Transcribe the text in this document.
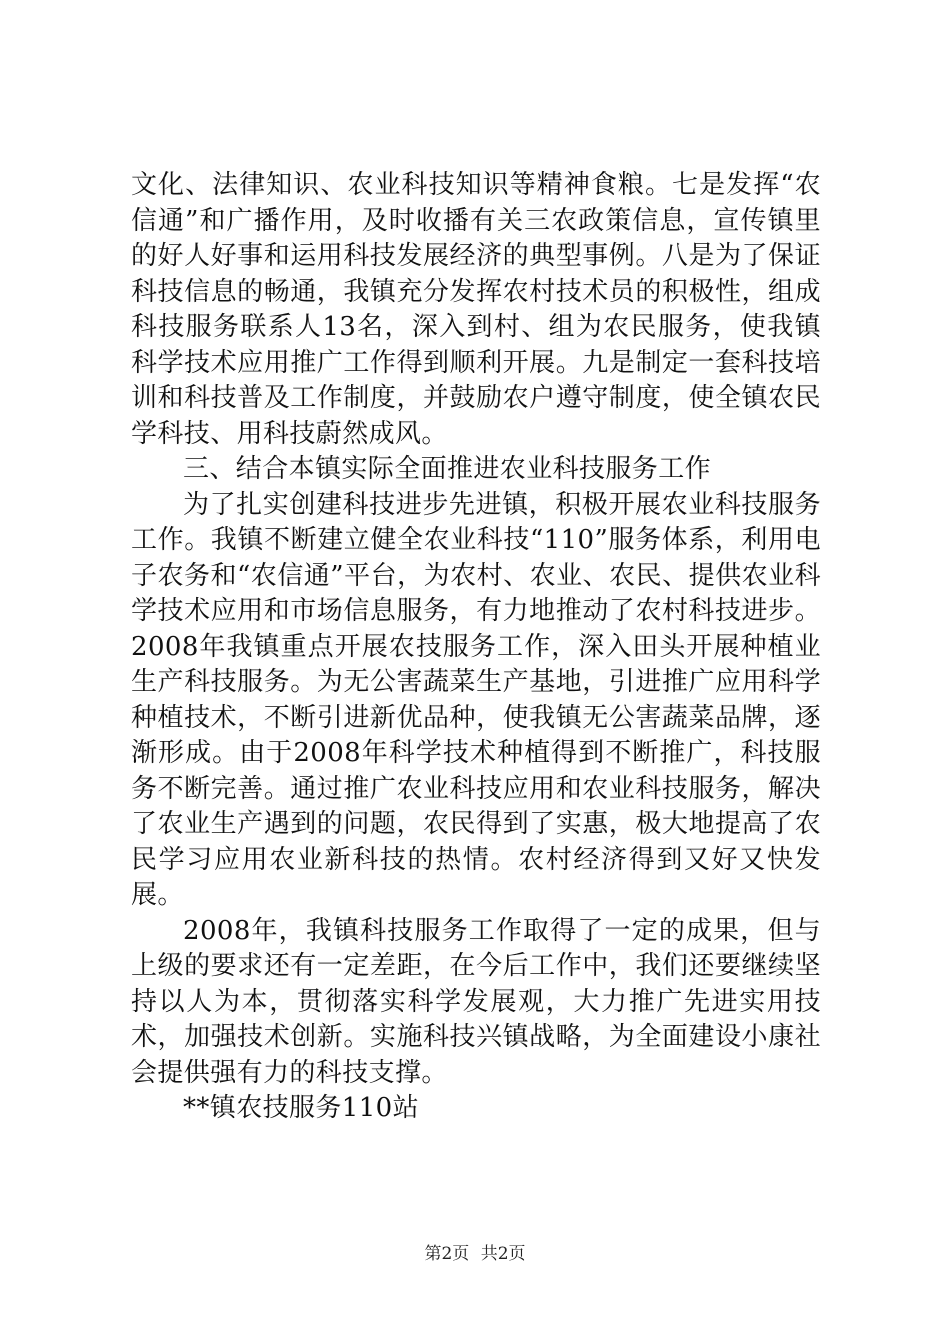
文化、法律知识、农业科技知识等精神食粮。七是发挥“农信通”和广播作用，及时收播有关三农政策信息，宣传镇里的好人好事和运用科技发展经济的典型事例。八是为了保证科技信息的畅通，我镇充分发挥农村技术员的积极性，组成科技服务联系人13名，深入到村、组为农民服务，使我镇科学技术应用推广工作得到顺利开展。九是制定一套科技培训和科技普及工作制度，并鼓励农户遵守制度，使全镇农民学科技、用科技蔚然成风。

三、结合本镇实际全面推进农业科技服务工作

为了扎实创建科技进步先进镇，积极开展农业科技服务工作。我镇不断建立健全农业科技“110”服务体系，利用电子农务和“农信通”平台，为农村、农业、农民、提供农业科学技术应用和市场信息服务，有力地推动了农村科技进步。2008年我镇重点开展农技服务工作，深入田头开展种植业生产科技服务。为无公害蔬菜生产基地，引进推广应用科学种植技术，不断引进新优品种，使我镇无公害蔬菜品牌，逐渐形成。由于2008年科学技术种植得到不断推广，科技服务不断完善。通过推广农业科技应用和农业科技服务，解决了农业生产遇到的问题，农民得到了实惠，极大地提高了农民学习应用农业新科技的热情。农村经济得到又好又快发展。

2008年，我镇科技服务工作取得了一定的成果，但与上级的要求还有一定差距，在今后工作中，我们还要继续坚持以人为本，贯彻落实科学发展观，大力推广先进实用技术，加强技术创新。实施科技兴镇战略，为全面建设小康社会提供强有力的科技支撑。

**镇农技服务110站

第2页 共2页
